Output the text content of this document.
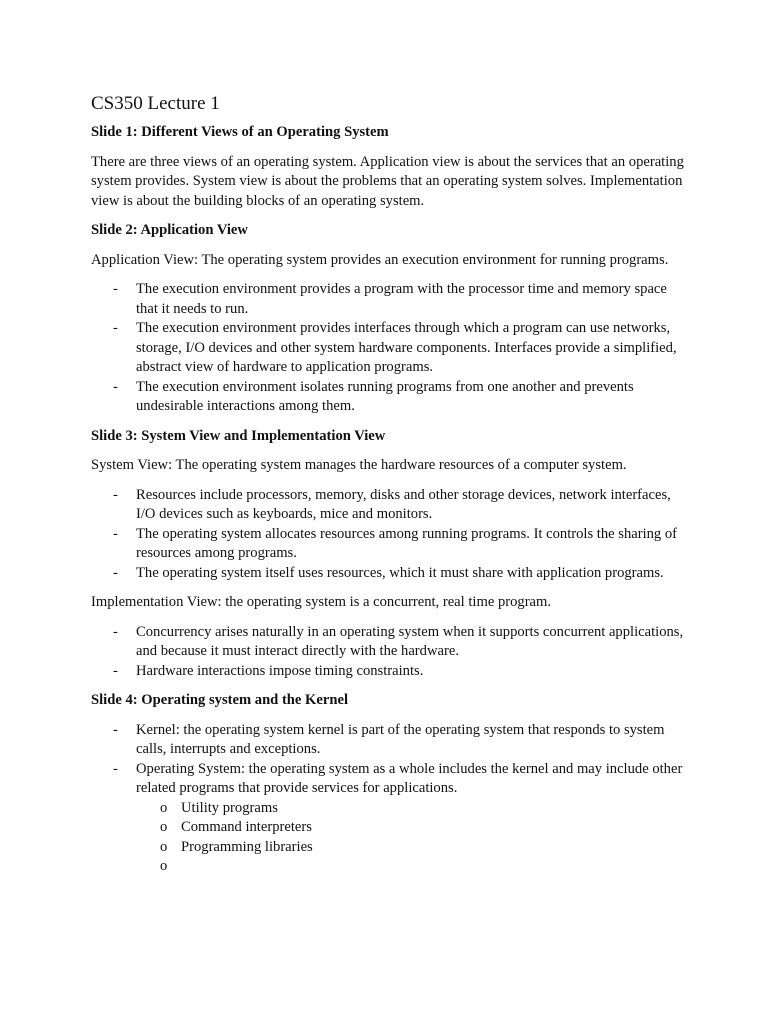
CS350 Lecture 1
Slide 1: Different Views of an Operating System

There are three views of an operating system. Application view is about the services that an operating system provides. System view is about the problems that an operating system solves. Implementation view is about the building blocks of an operating system.

Slide 2: Application View

Application View: The operating system provides an execution environment for running programs.

- The execution environment provides a program with the processor time and memory space that it needs to run.
- The execution environment provides interfaces through which a program can use networks, storage, I/O devices and other system hardware components. Interfaces provide a simplified, abstract view of hardware to application programs.
- The execution environment isolates running programs from one another and prevents undesirable interactions among them.
Slide 3: System View and Implementation View

System View: The operating system manages the hardware resources of a computer system.

- Resources include processors, memory, disks and other storage devices, network interfaces, I/O devices such as keyboards, mice and monitors.
- The operating system allocates resources among running programs. It controls the sharing of resources among programs.
- The operating system itself uses resources, which it must share with application programs.

Implementation View: the operating system is a concurrent, real time program.

- Concurrency arises naturally in an operating system when it supports concurrent applications, and because it must interact directly with the hardware.
- Hardware interactions impose timing constraints.
Slide 4: Operating system and the Kernel
- Kernel: the operating system kernel is part of the operating system that responds to system calls, interrupts and exceptions.
- Operating System: the operating system as a whole includes the kernel and may include other related programs that provide services for applications.
o Utility programs
o Command interpreters
o Programming libraries
o
